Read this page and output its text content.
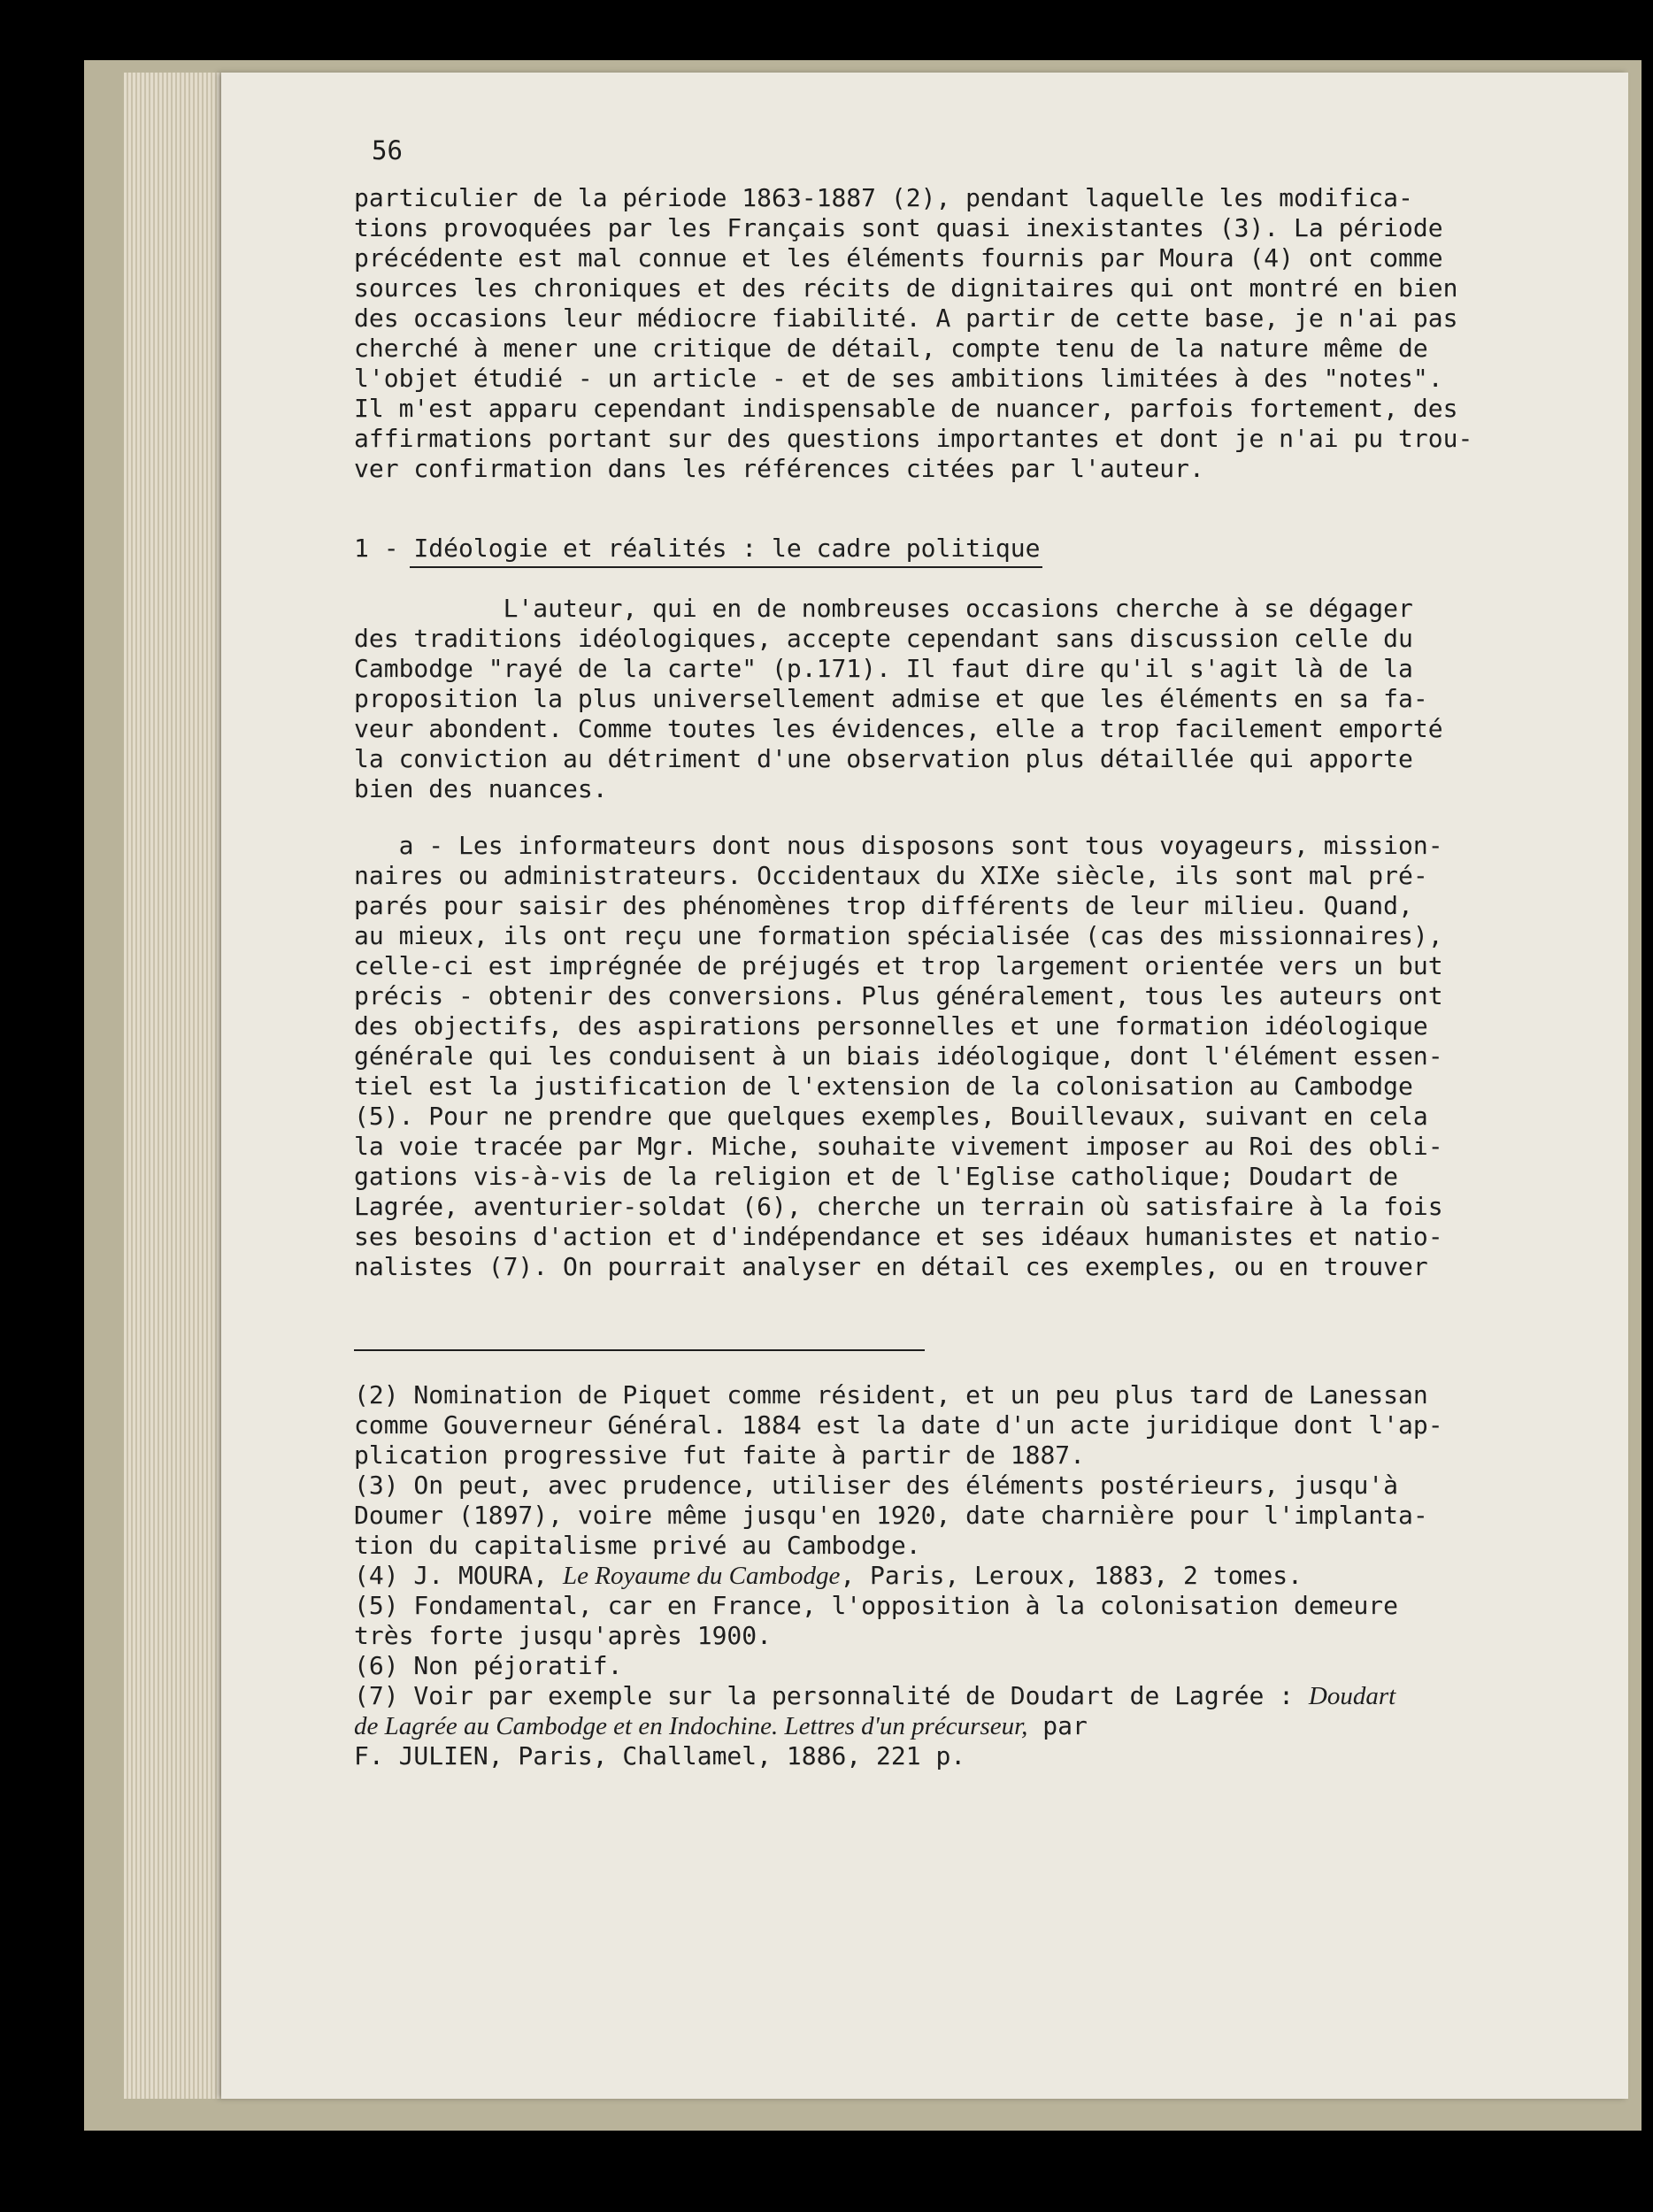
56
particulier de la période 1863-1887 (2), pendant laquelle les modifica-
tions provoquées par les Français sont quasi inexistantes (3). La période
précédente est mal connue et les éléments fournis par Moura (4) ont comme
sources les chroniques et des récits de dignitaires qui ont montré en bien
des occasions leur médiocre fiabilité. A partir de cette base, je n'ai pas
cherché à mener une critique de détail, compte tenu de la nature même de
l'objet étudié - un article - et de ses ambitions limitées à des "notes".
Il m'est apparu cependant indispensable de nuancer, parfois fortement, des
affirmations portant sur des questions importantes et dont je n'ai pu trou-
ver confirmation dans les références citées par l'auteur.
1 - Idéologie et réalités : le cadre politique
L'auteur, qui en de nombreuses occasions cherche à se dégager
des traditions idéologiques, accepte cependant sans discussion celle du
Cambodge "rayé de la carte" (p.171). Il faut dire qu'il s'agit là de la
proposition la plus universellement admise et que les éléments en sa fa-
veur abondent. Comme toutes les évidences, elle a trop facilement emporté
la conviction au détriment d'une observation plus détaillée qui apporte
bien des nuances.
a - Les informateurs dont nous disposons sont tous voyageurs, mission-
naires ou administrateurs. Occidentaux du XIXe siècle, ils sont mal pré-
parés pour saisir des phénomènes trop différents de leur milieu. Quand,
au mieux, ils ont reçu une formation spécialisée (cas des missionnaires),
celle-ci est imprégnée de préjugés et trop largement orientée vers un but
précis - obtenir des conversions. Plus généralement, tous les auteurs ont
des objectifs, des aspirations personnelles et une formation idéologique
générale qui les conduisent à un biais idéologique, dont l'élément essen-
tiel est la justification de l'extension de la colonisation au Cambodge
(5). Pour ne prendre que quelques exemples, Bouillevaux, suivant en cela
la voie tracée par Mgr. Miche, souhaite vivement imposer au Roi des obli-
gations vis-à-vis de la religion et de l'Eglise catholique; Doudart de
Lagrée, aventurier-soldat (6), cherche un terrain où satisfaire à la fois
ses besoins d'action et d'indépendance et ses idéaux humanistes et natio-
nalistes (7). On pourrait analyser en détail ces exemples, ou en trouver
(2) Nomination de Piquet comme résident, et un peu plus tard de Lanessan
comme Gouverneur Général. 1884 est la date d'un acte juridique dont l'ap-
plication progressive fut faite à partir de 1887.
(3) On peut, avec prudence, utiliser des éléments postérieurs, jusqu'à
Doumer (1897), voire même jusqu'en 1920, date charnière pour l'implanta-
tion du capitalisme privé au Cambodge.
(4) J. MOURA, Le Royaume du Cambodge, Paris, Leroux, 1883, 2 tomes.
(5) Fondamental, car en France, l'opposition à la colonisation demeure
très forte jusqu'après 1900.
(6) Non péjoratif.
(7) Voir par exemple sur la personnalité de Doudart de Lagrée : Doudart
de Lagrée au Cambodge et en Indochine. Lettres d'un précurseur, par
F. JULIEN, Paris, Challamel, 1886, 221 p.
